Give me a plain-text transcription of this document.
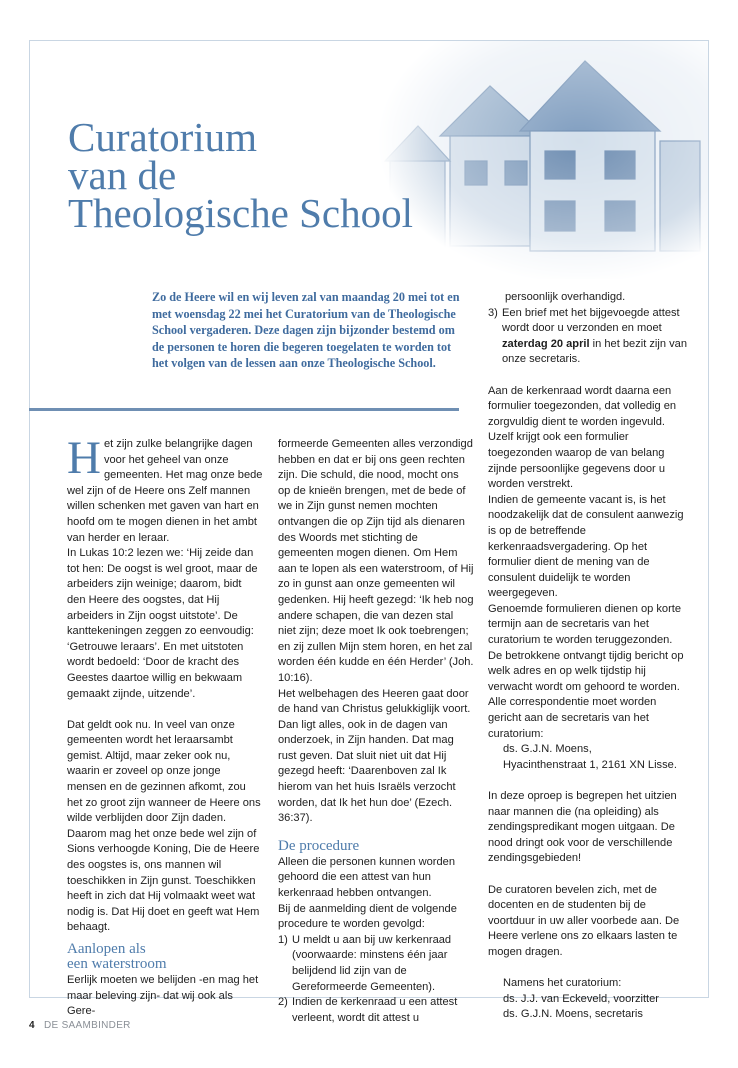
Curatorium
van de
Theologische School

Zo de Heere wil en wij leven zal van maandag 20 mei tot en met woensdag 22 mei het Curatorium van de Theologische School vergaderen. Deze dagen zijn bijzonder bestemd om de personen te horen die begeren toegelaten te worden tot het volgen van de lessen aan onze Theologische School.

Het zijn zulke belangrijke dagen voor het geheel van onze gemeenten. Het mag onze bede wel zijn of de Heere ons Zelf mannen willen schenken met gaven van hart en hoofd om te mogen dienen in het ambt van herder en leraar.

In Lukas 10:2 lezen we: ‘Hij zeide dan tot hen: De oogst is wel groot, maar de arbeiders zijn weinige; daarom, bidt den Heere des oogstes, dat Hij arbeiders in Zijn oogst uitstote’. De kanttekeningen zeggen zo eenvoudig: ‘Getrouwe leraars’. En met uitstoten wordt bedoeld: ‘Door de kracht des Geestes daartoe willig en bekwaam gemaakt zijnde, uitzende’.

Dat geldt ook nu. In veel van onze gemeenten wordt het leraarsambt gemist. Altijd, maar zeker ook nu, waarin er zoveel op onze jonge mensen en de gezinnen afkomt, zou het zo groot zijn wanneer de Heere ons wilde verblijden door Zijn daden. Daarom mag het onze bede wel zijn of Sions verhoogde Koning, Die de Heere des oogstes is, ons mannen wil toeschikken in Zijn gunst. Toeschikken heeft in zich dat Hij volmaakt weet wat nodig is. Dat Hij doet en geeft wat Hem behaagt.

Aanlopen als
een waterstroom

Eerlijk moeten we belijden -en mag het maar beleving zijn- dat wij ook als Gere-

formeerde Gemeenten alles verzondigd hebben en dat er bij ons geen rechten zijn. Die schuld, die nood, mocht ons op de knieën brengen, met de bede of we in Zijn gunst nemen mochten ontvangen die op Zijn tijd als dienaren des Woords met stichting de gemeenten mogen dienen. Om Hem aan te lopen als een waterstroom, of Hij zo in gunst aan onze gemeenten wil gedenken. Hij heeft gezegd: ‘Ik heb nog andere schapen, die van dezen stal niet zijn; deze moet Ik ook toebrengen; en zij zullen Mijn stem horen, en het zal worden één kudde en één Herder’ (Joh. 10:16).

Het welbehagen des Heeren gaat door de hand van Christus gelukkiglijk voort. Dan ligt alles, ook in de dagen van onderzoek, in Zijn handen. Dat mag rust geven. Dat sluit niet uit dat Hij gezegd heeft: ‘Daarenboven zal Ik hierom van het huis Israëls verzocht worden, dat Ik het hun doe’ (Ezech. 36:37).

De procedure

Alleen die personen kunnen worden gehoord die een attest van hun kerkenraad hebben ontvangen.

Bij de aanmelding dient de volgende procedure te worden gevolgd:

1) U meldt u aan bij uw kerkenraad (voorwaarde: minstens één jaar belijdend lid zijn van de Gereformeerde Gemeenten).
2) Indien de kerkenraad u een attest verleent, wordt dit attest u

persoonlijk overhandigd.

3) Een brief met het bijgevoegde attest wordt door u verzonden en moet zaterdag 20 april in het bezit zijn van onze secretaris.

Aan de kerkenraad wordt daarna een formulier toegezonden, dat volledig en zorgvuldig dient te worden ingevuld. Uzelf krijgt ook een formulier toegezonden waarop de van belang zijnde persoonlijke gegevens door u worden verstrekt.

Indien de gemeente vacant is, is het noodzakelijk dat de consulent aanwezig is op de betreffende kerkenraadsvergadering. Op het formulier dient de mening van de consulent duidelijk te worden weergegeven.

Genoemde formulieren dienen op korte termijn aan de secretaris van het curatorium te worden teruggezonden. De betrokkene ontvangt tijdig bericht op welk adres en op welk tijdstip hij verwacht wordt om gehoord te worden.

Alle correspondentie moet worden gericht aan de secretaris van het curatorium:

ds. G.J.N. Moens,

Hyacinthenstraat 1, 2161 XN Lisse.

In deze oproep is begrepen het uitzien naar mannen die (na opleiding) als zendingspredikant mogen uitgaan. De nood dringt ook voor de verschillende zendingsgebieden!

De curatoren bevelen zich, met de docenten en de studenten bij de voortduur in uw aller voorbede aan. De Heere verlene ons zo elkaars lasten te mogen dragen.

Namens het curatorium:

ds. J.J. van Eckeveld, voorzitter

ds. G.J.N. Moens, secretaris

4 DE SAAMBINDER
